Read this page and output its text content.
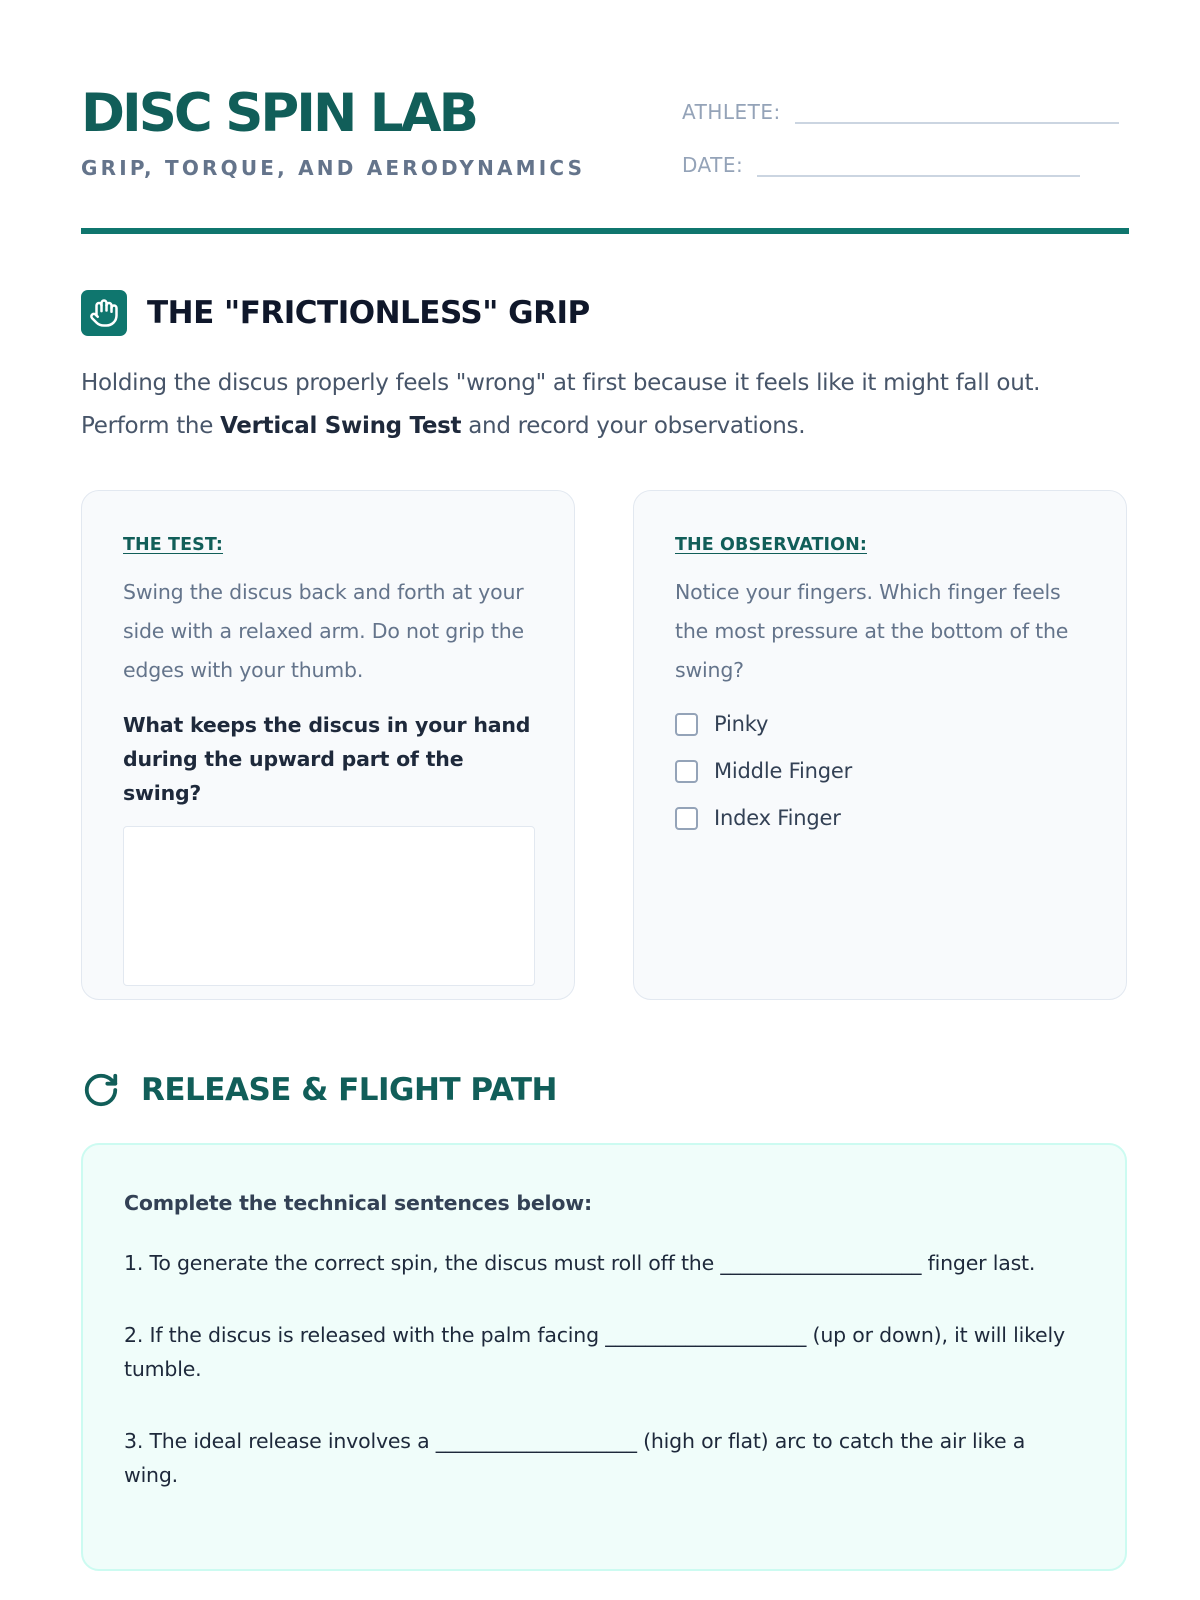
DISC SPIN LAB
GRIP, TORQUE, AND AERODYNAMICS
ATHLETE:
DATE:
THE "FRICTIONLESS" GRIP
Holding the discus properly feels "wrong" at first because it feels like it might fall out. Perform the Vertical Swing Test and record your observations.
THE TEST:
Swing the discus back and forth at your side with a relaxed arm. Do not grip the edges with your thumb.
What keeps the discus in your hand during the upward part of the swing?
THE OBSERVATION:
Notice your fingers. Which finger feels the most pressure at the bottom of the swing?
Pinky
Middle Finger
Index Finger
RELEASE & FLIGHT PATH
Complete the technical sentences below:
1. To generate the correct spin, the discus must roll off the ____________________ finger last.
2. If the discus is released with the palm facing ____________________ (up or down), it will likely tumble.
3. The ideal release involves a ____________________ (high or flat) arc to catch the air like a wing.
